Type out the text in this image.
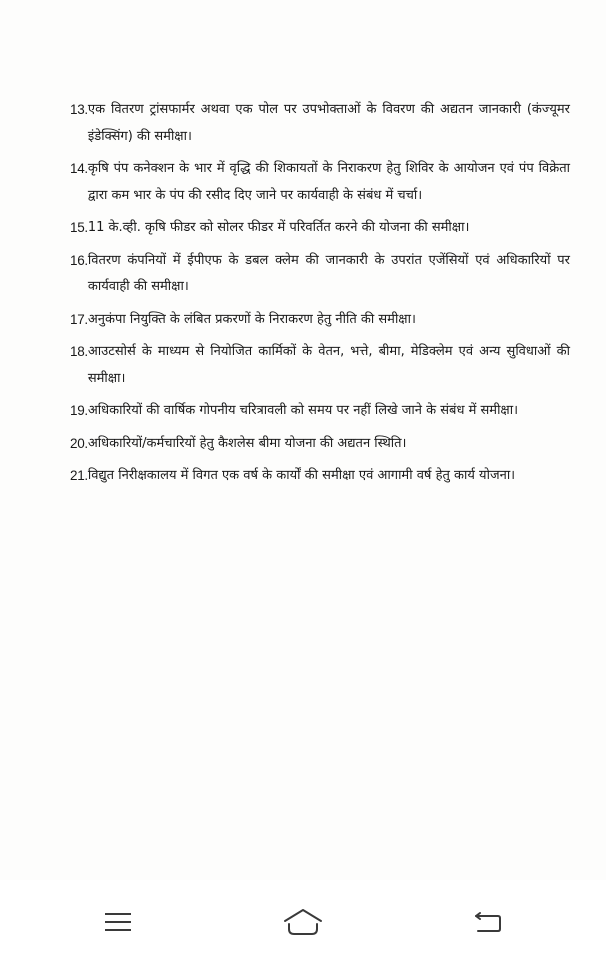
13. एक वितरण ट्रांसफार्मर अथवा एक पोल पर उपभोक्ताओं के विवरण की अद्यतन जानकारी (कंज्यूमर इंडेक्सिंग) की समीक्षा।
14. कृषि पंप कनेक्शन के भार में वृद्धि की शिकायतों के निराकरण हेतु शिविर के आयोजन एवं पंप विक्रेता द्वारा कम भार के पंप की रसीद दिए जाने पर कार्यवाही के संबंध में चर्चा।
15. 11 के.व्ही. कृषि फीडर को सोलर फीडर में परिवर्तित करने की योजना की समीक्षा।
16. वितरण कंपनियों में ईपीएफ के डबल क्लेम की जानकारी के उपरांत एजेंसियों एवं अधिकारियों पर कार्यवाही की समीक्षा।
17. अनुकंपा नियुक्ति के लंबित प्रकरणों के निराकरण हेतु नीति की समीक्षा।
18. आउटसोर्स के माध्यम से नियोजित कार्मिकों के वेतन, भत्ते, बीमा, मेडिक्लेम एवं अन्य सुविधाओं की समीक्षा।
19. अधिकारियों की वार्षिक गोपनीय चरित्रावली को समय पर नहीं लिखे जाने के संबंध में समीक्षा।
20. अधिकारियों/कर्मचारियों हेतु कैशलेस बीमा योजना की अद्यतन स्थिति।
21. विद्युत निरीक्षकालय में विगत एक वर्ष के कार्यों की समीक्षा एवं आगामी वर्ष हेतु कार्य योजना।
